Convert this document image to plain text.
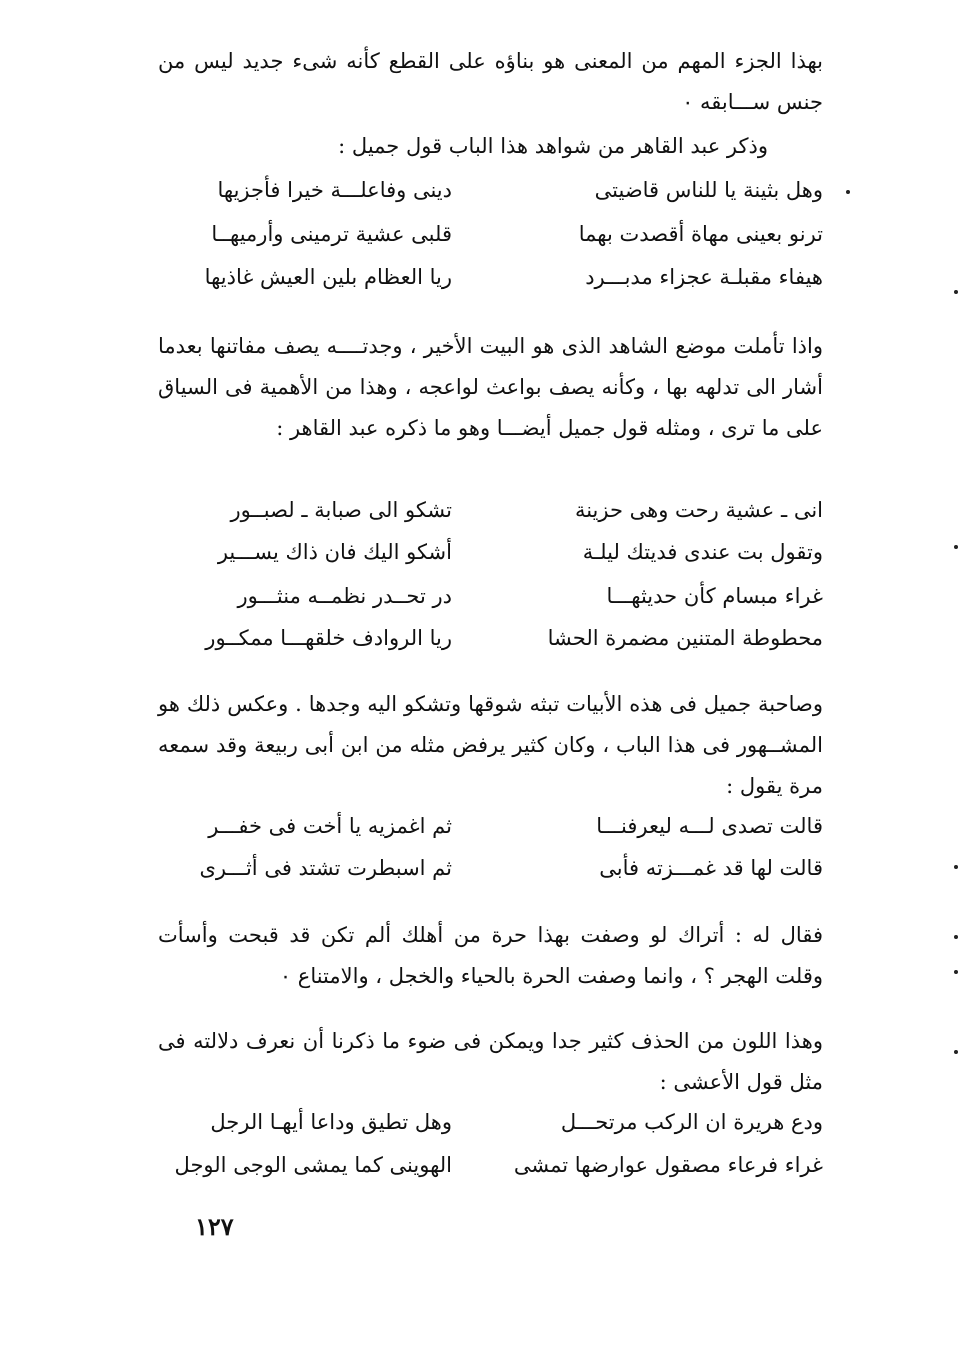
بهذا الجزء المهم من المعنى هو بناؤه على القطع كأنه شىء جديد ليس من جنس ســـابقه ٠
وذكر عبد القاهر من شواهد هذا الباب قول جميل :
وهل بثينة يا للناس قاضيتى
دينى وفاعلـــة خيرا فأجزيها
ترنو بعينى مهاة أقصدت بهما
قلبى عشية ترمينى وأرميهــا
هيفاء مقبلـة عجزاء مدبـــرد
ريا العظام بلين العيش غاذيها
واذا تأملت موضع الشاهد الذى هو البيت الأخير ، وجدتــــه يصف مفاتنها بعدما أشار الى تدلهه بها ، وكأنه يصف بواعث لواعجه ، وهذا من الأهمية فى السياق على ما ترى ، ومثله قول جميل أيضـــا وهو ما ذكره عبد القاهر :
انى ـ عشية رحت وهى حزينة
تشكو الى صبابة ـ لصبــور
وتقول بت عندى فديتك ليلـة
أشكو اليك فان ذاك يســـير
غراء مبسام كأن حديثهـــا
در تحــدر نظمــه منثـــور
محطوطة المتنين مضمرة الحشا
ريا الروادف خلقهـــا ممكــور
وصاحبة جميل فى هذه الأبيات تبثه شوقها وتشكو اليه وجدها . وعكس ذلك هو المشــهور فى هذا الباب ، وكان كثير يرفض مثله من ابن أبى ربيعة وقد سمعه مرة يقول :
قالت تصدى لـــه ليعرفنـــا
ثم اغمزيه يا أخت فى خفـــر
قالت لها قد غمـــزته فأبى
ثم اسبطرت تشتد فى أثـــرى
فقال له : أتراك لو وصفت بهذا حرة من أهلك ألم تكن قد قبحت وأسأت وقلت الهجر ؟ ، وانما وصفت الحرة بالحياء والخجل ، والامتناع ٠
وهذا اللون من الحذف كثير جدا ويمكن فى ضوء ما ذكرنا أن نعرف دلالته فى مثل قول الأعشى :
ودع هريرة ان الركب مرتحـــل
وهل تطيق وداعا أيهـا الرجل
غراء فرعاء مصقول عوارضها تمشى
الهوينى كما يمشى الوجى الوجل
١٢٧
